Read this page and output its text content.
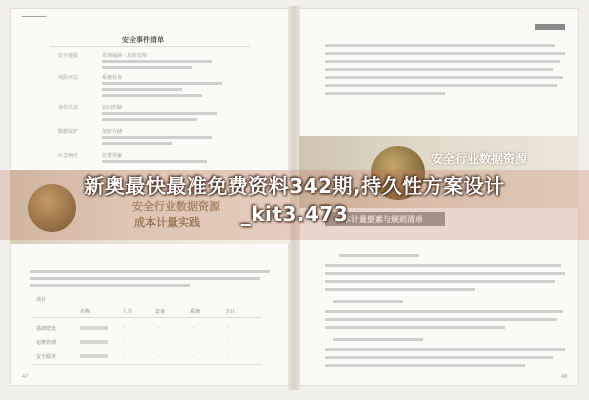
━━━━━━━━
安全事件清单
安全通报	发现漏洞 · 及时处理
风险评估	系统检查
身份认证	访问控制
数据保护	加密存储
应急响应	处置预案
项目
名称	人力	设备	系统	合计
基础建设	·	·	·	·
运维管理	·	·	·	·
安全服务	·	·	·	·
47	48
安全行业数据资源
成本计量实践
安全行业数据资源
成本计量要素与规则清单
新奥最快最准免费资料342期,持久性方案设计
_kit3.473
